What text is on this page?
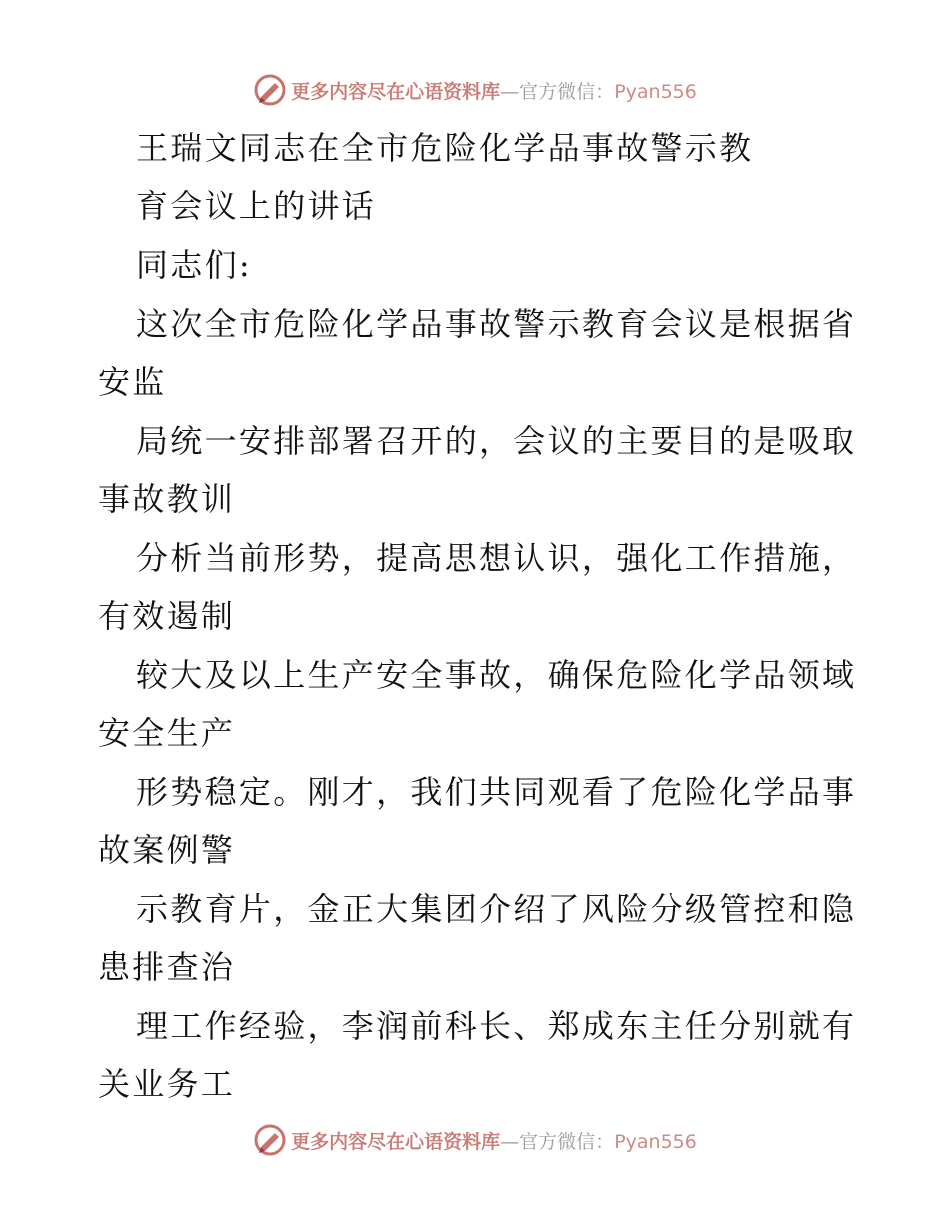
更多内容尽在心语资料库—官方微信：Pyan556
王瑞文同志在全市危险化学品事故警示教
育会议上的讲话
同志们:
这次全市危险化学品事故警示教育会议是根据省
安监
局统一安排部署召开的，会议的主要目的是吸取
事故教训
分析当前形势，提高思想认识，强化工作措施，
有效遏制
较大及以上生产安全事故，确保危险化学品领域
安全生产
形势稳定。刚才，我们共同观看了危险化学品事
故案例警
示教育片，金正大集团介绍了风险分级管控和隐
患排查治
理工作经验，李润前科长、郑成东主任分别就有
关业务工
更多内容尽在心语资料库—官方微信：Pyan556
